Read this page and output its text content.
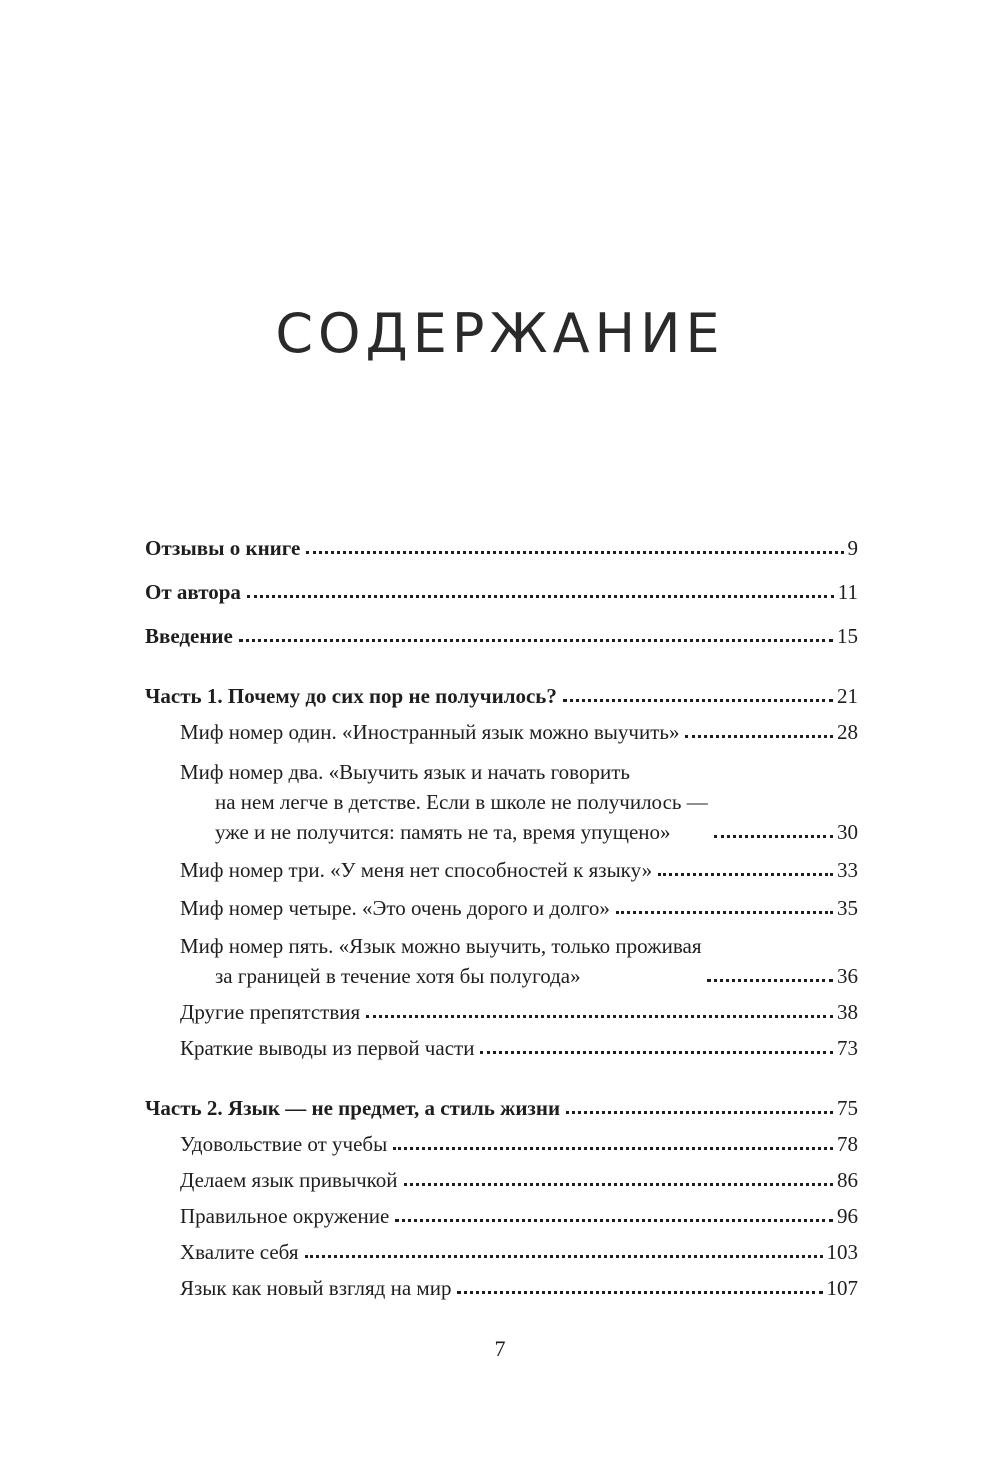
СОДЕРЖАНИЕ
Отзывы о книге	9
От автора	11
Введение	15
Часть 1. Почему до сих пор не получилось?	21
Миф номер один. «Иностранный язык можно выучить»	28
Миф номер два. «Выучить язык и начать говорить
на нем легче в детстве. Если в школе не получилось —
уже и не получится: память не та, время упущено»	30
Миф номер три. «У меня нет способностей к языку»	33
Миф номер четыре. «Это очень дорого и долго»	35
Миф номер пять. «Язык можно выучить, только проживая
за границей в течение хотя бы полугода»	36
Другие препятствия	38
Краткие выводы из первой части	73
Часть 2. Язык — не предмет, а стиль жизни	75
Удовольствие от учебы	78
Делаем язык привычкой	86
Правильное окружение	96
Хвалите себя	103
Язык как новый взгляд на мир	107
7
